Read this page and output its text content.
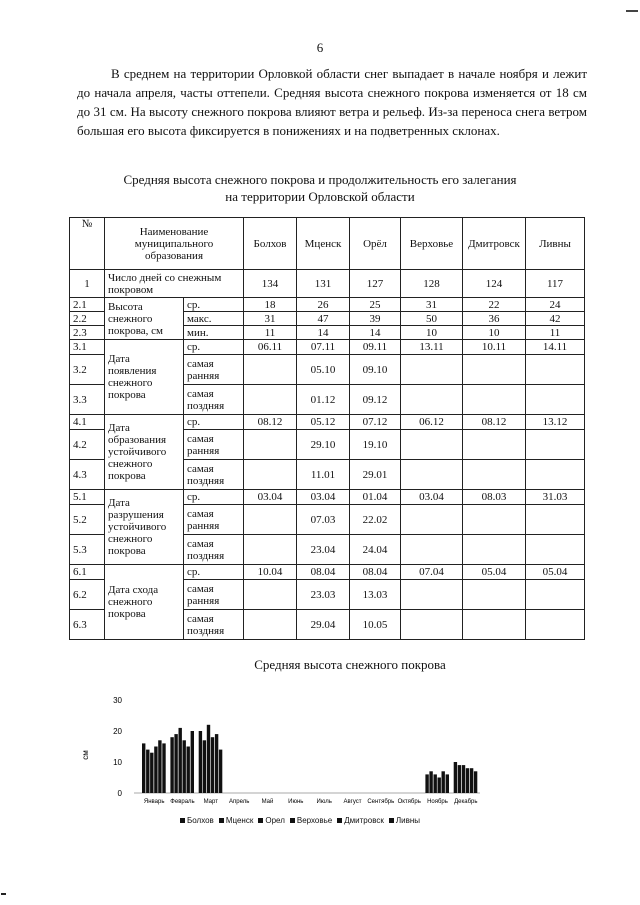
6
В среднем на территории Орловкой области снег выпадает в начале ноября и лежит до начала апреля, часты оттепели. Средняя высота снежного покрова изменяется от 18 см до 31 см. На высоту снежного покрова влияют ветра и рельеф. Из-за переноса снега ветром большая его высота фиксируется в понижениях и на подветренных склонах.
Средняя высота снежного покрова и продолжительность его залегания
на территории Орловской области
№	Наименование муниципального образования		Болхов	Мценск	Орёл	Верховье	Дмитровск	Ливны
1	Число дней со снежным покровом		134	131	127	128	124	117
2.1	Высота снежного покрова, см	ср.	18	26	25	31	22	24
2.2		макс.	31	47	39	50	36	42
2.3		мин.	11	14	14	10	10	11
3.1	Дата появления снежного покрова	ср.	06.11	07.11	09.11	13.11	10.11	14.11
3.2		самая ранняя		05.10	09.10			
3.3		самая поздняя		01.12	09.12			
4.1	Дата образования устойчивого снежного покрова	ср.	08.12	05.12	07.12	06.12	08.12	13.12
4.2		самая ранняя		29.10	19.10			
4.3		самая поздняя		11.01	29.01			
5.1	Дата разрушения устойчивого снежного покрова	ср.	03.04	03.04	01.04	03.04	08.03	31.03
5.2		самая ранняя		07.03	22.02			
5.3		самая поздняя		23.04	24.04			
6.1	Дата схода снежного покрова	ср.	10.04	08.04	08.04	07.04	05.04	05.04
6.2		самая ранняя		23.03	13.03			
6.3		самая поздняя		29.04	10.05			
Средняя высота снежного покрова
0
10
20
30
Январь Февраль Март Апрель Май Июнь Июль Август Сентябрь Октябрь Ноябрь Декабрь
см
Болхов Мценск Орел Верховье Дмитровск Ливны
